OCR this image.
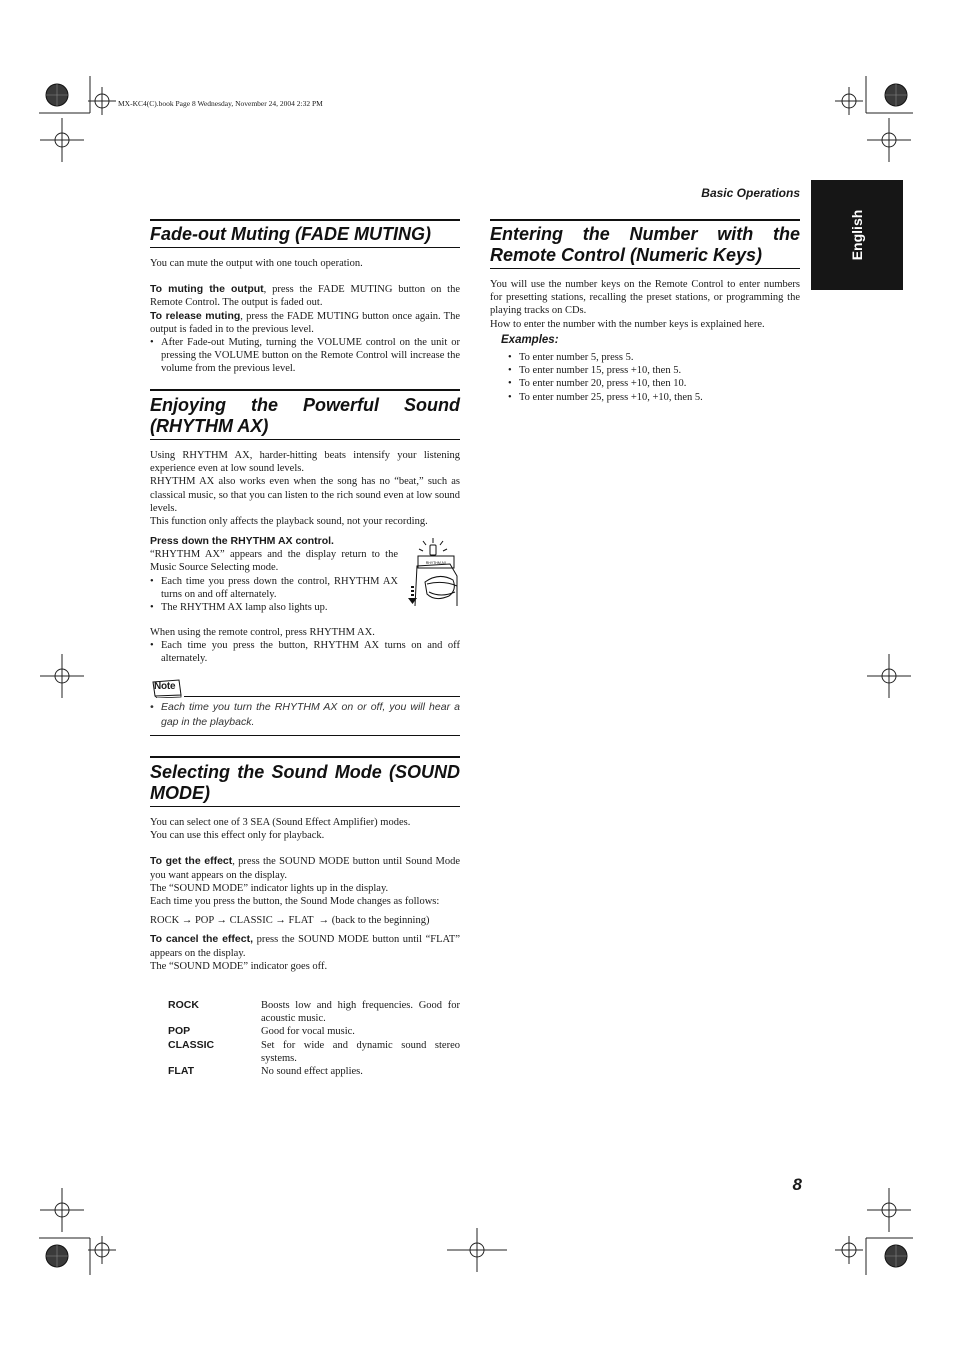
MX-KC4(C).book Page 8 Wednesday, November 24, 2004 2:32 PM
Basic Operations
English
Fade-out Muting (FADE MUTING)

You can mute the output with one touch operation.

To muting the output, press the FADE MUTING button on the Remote Control. The output is faded out.

To release muting, press the FADE MUTING button once again. The output is faded in to the previous level.

• After Fade-out Muting, turning the VOLUME control on the unit or pressing the VOLUME button on the Remote Control will increase the volume from the previous level.
Enjoying the Powerful Sound (RHYTHM AX)

Using RHYTHM AX, harder-hitting beats intensify your listening experience even at low sound levels.

RHYTHM AX also works even when the song has no “beat,” such as classical music, so that you can listen to the rich sound even at low sound levels.

This function only affects the playback sound, not your recording.

Press down the RHYTHM AX control.

“RHYTHM AX” appears and the display return to the Music Source Selecting mode.

• Each time you press down the control, RHYTHM AX turns on and off alternately.
• The RHYTHM AX lamp also lights up.
RHYTHM AX

When using the remote control, press RHYTHM AX.

• Each time you press the button, RHYTHM AX turns on and off alternately.
Note
• Each time you turn the RHYTHM AX on or off, you will hear a gap in the playback.
Selecting the Sound Mode (SOUND MODE)

You can select one of 3 SEA (Sound Effect Amplifier) modes.

You can use this effect only for playback.

To get the effect, press the SOUND MODE button until Sound Mode you want appears on the display.

The “SOUND MODE” indicator lights up in the display.

Each time you press the button, the Sound Mode changes as follows:

ROCK → POP → CLASSIC → FLAT → (back to the beginning)

To cancel the effect, press the SOUND MODE button until “FLAT” appears on the display.

The “SOUND MODE” indicator goes off.

ROCK	Boosts low and high frequencies. Good for acoustic music.
POP	Good for vocal music.
CLASSIC	Set for wide and dynamic sound stereo systems.
FLAT	No sound effect applies.
Entering the Number with the Remote Control (Numeric Keys)

You will use the number keys on the Remote Control to enter numbers for presetting stations, recalling the preset stations, or programming the playing tracks on CDs.

How to enter the number with the number keys is explained here.

Examples:
• To enter number 5, press 5.
• To enter number 15, press +10, then 5.
• To enter number 20, press +10, then 10.
• To enter number 25, press +10, +10, then 5.
8
